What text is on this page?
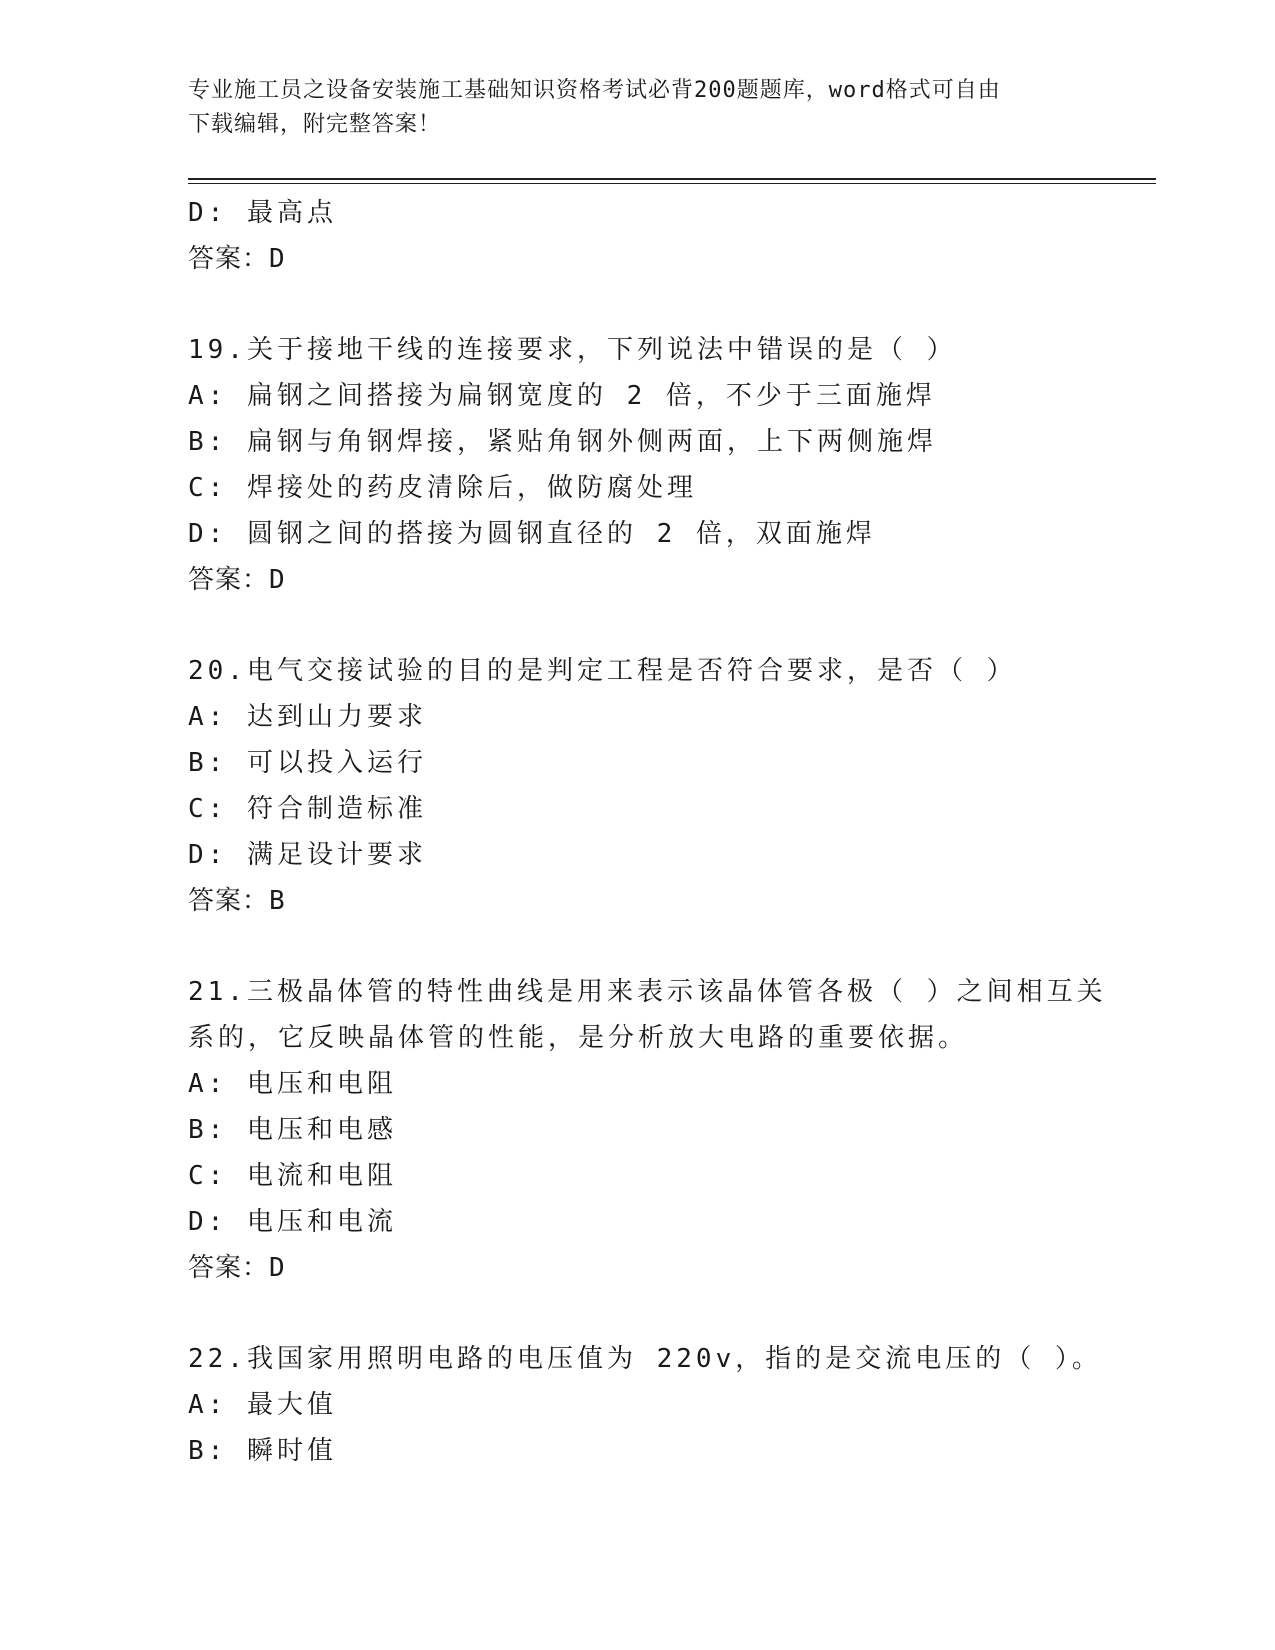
专业施工员之设备安装施工基础知识资格考试必背200题题库，word格式可自由
下载编辑，附完整答案！
D: 最高点
答案：D
19.关于接地干线的连接要求，下列说法中错误的是（ ）
A: 扁钢之间搭接为扁钢宽度的 2 倍，不少于三面施焊
B: 扁钢与角钢焊接，紧贴角钢外侧两面，上下两侧施焊
C: 焊接处的药皮清除后，做防腐处理
D: 圆钢之间的搭接为圆钢直径的 2 倍，双面施焊
答案：D
20.电气交接试验的目的是判定工程是否符合要求，是否（ ）
A: 达到山力要求
B: 可以投入运行
C: 符合制造标准
D: 满足设计要求
答案：B
21.三极晶体管的特性曲线是用来表示该晶体管各极（ ）之间相互关
系的，它反映晶体管的性能，是分析放大电路的重要依据。
A: 电压和电阻
B: 电压和电感
C: 电流和电阻
D: 电压和电流
答案：D
22.我国家用照明电路的电压值为 220v，指的是交流电压的（ ）。
A: 最大值
B: 瞬时值
